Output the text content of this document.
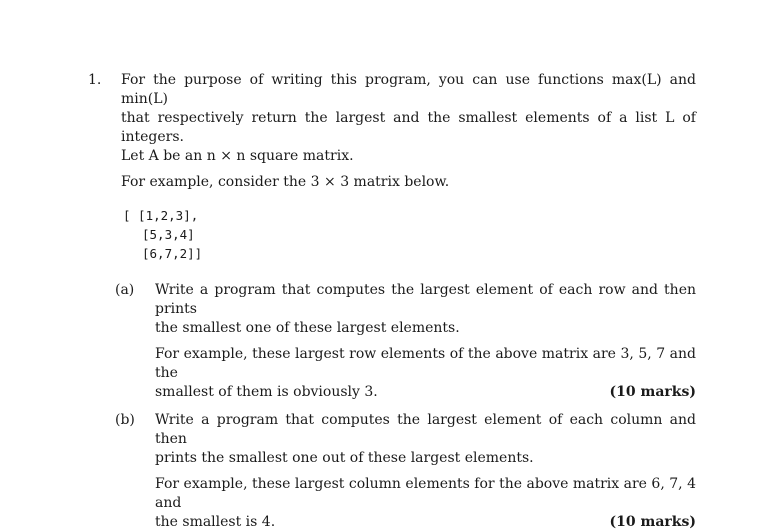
1. For the purpose of writing this program, you can use functions max(L) and min(L)

that respectively return the largest and the smallest elements of a list L of integers.

Let A be an n × n square matrix.

For example, consider the 3 × 3 matrix below.

[ [1,2,3],
[5,3,4]
[6,7,2]]
(a) Write a program that computes the largest element of each row and then prints

the smallest one of these largest elements.

For example, these largest row elements of the above matrix are 3, 5, 7 and the

(10 marks)
smallest of them is obviously 3.

(b) Write a program that computes the largest element of each column and then

prints the smallest one out of these largest elements.

For example, these largest column elements for the above matrix are 6, 7, 4 and

(10 marks)
the smallest is 4.
